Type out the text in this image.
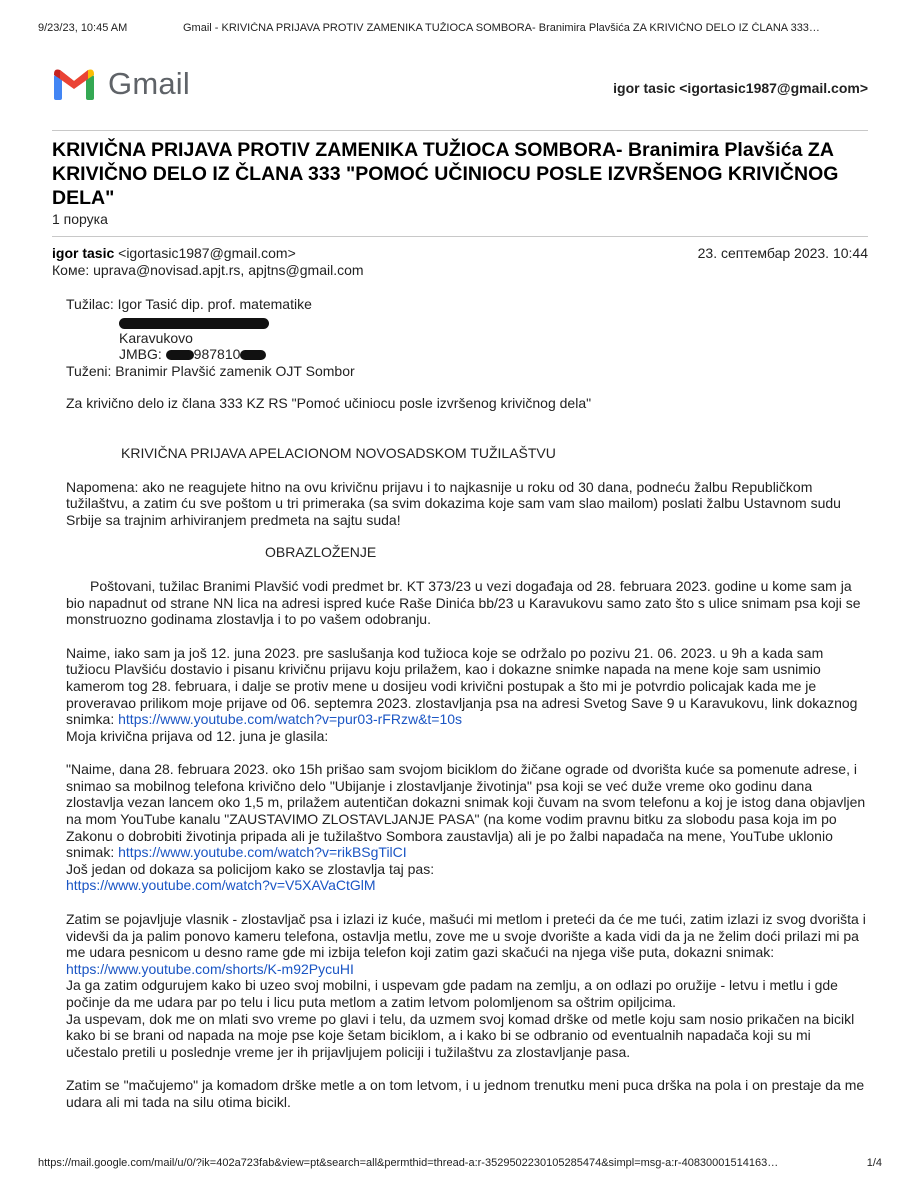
9/23/23, 10:45 AM	Gmail - KRIVIČNA PRIJAVA PROTIV ZAMENIKA TUŽIOCA SOMBORA- Branimira Plavšića ZA KRIVIČNO DELO IZ ČLANA 333…
Gmail	igor tasic <igortasic1987@gmail.com>
KRIVIČNA PRIJAVA PROTIV ZAMENIKA TUŽIOCA SOMBORA- Branimira Plavšića ZA KRIVIČNO DELO IZ ČLANA 333 "POMOĆ UČINIOCU POSLE IZVRŠENOG KRIVIČNOG DELA"
1 порука
igor tasic <igortasic1987@gmail.com>	23. септембар 2023. 10:44
Коме: uprava@novisad.apjt.rs, apjtns@gmail.com

Tužilac: Igor Tasić dip. prof. matematike

Karavukovo

JMBG: 987810

Tuženi: Branimir Plavšić zamenik OJT Sombor

Za krivično delo iz člana 333 KZ RS "Pomoć učiniocu posle izvršenog krivičnog dela"

KRIVIČNA PRIJAVA APELACIONOM NOVOSADSKOM TUŽILAŠTVU

Napomena: ako ne reagujete hitno na ovu krivičnu prijavu i to najkasnije u roku od 30 dana, podneću žalbu Republičkom tužilaštvu, a zatim ću sve poštom u tri primeraka (sa svim dokazima koje sam vam slao mailom) poslati žalbu Ustavnom sudu Srbije sa trajnim arhiviranjem predmeta na sajtu suda!

OBRAZLOŽENJE

Poštovani, tužilac Branimi Plavšić vodi predmet br. KT 373/23 u vezi događaja od 28. februara 2023. godine u kome sam ja bio napadnut od strane NN lica na adresi ispred kuće Raše Dinića bb/23 u Karavukovu samo zato što s ulice snimam psa koji se monstruozno godinama zlostavlja i to po vašem odobranju.

Naime, iako sam ja još 12. juna 2023. pre saslušanja kod tužioca koje se održalo po pozivu 21. 06. 2023. u 9h a kada sam tužiocu Plavšiću dostavio i pisanu krivičnu prijavu koju prilažem, kao i dokazne snimke napada na mene koje sam usnimio kamerom tog 28. februara, i dalje se protiv mene u dosijeu vodi krivični postupak a što mi je potvrdio policajak kada me je proveravao prilikom moje prijave od 06. septemra 2023. zlostavljanja psa na adresi Svetog Save 9 u Karavukovu, link dokaznog snimka: https://www.youtube.com/watch?v=pur03-rFRzw&t=10s

Moja krivična prijava od 12. juna je glasila:

"Naime, dana 28. februara 2023. oko 15h prišao sam svojom biciklom do žičane ograde od dvorišta kuće sa pomenute adrese, i snimao sa mobilnog telefona krivično delo "Ubijanje i zlostavljanje životinja" psa koji se već duže vreme oko godinu dana zlostavlja vezan lancem oko 1,5 m, prilažem autentičan dokazni snimak koji čuvam na svom telefonu a koj je istog dana objavljen na mom YouTube kanalu "ZAUSTAVIMO ZLOSTAVLJANJE PASA" (na kome vodim pravnu bitku za slobodu pasa koja im po Zakonu o dobrobiti životinja pripada ali je tužilaštvo Sombora zaustavlja) ali je po žalbi napadača na mene, YouTube uklonio snimak: https://www.youtube.com/watch?v=rikBSgTilCI

Još jedan od dokaza sa policijom kako se zlostavlja taj pas:

https://www.youtube.com/watch?v=V5XAVaCtGlM

Zatim se pojavljuje vlasnik - zlostavljač psa i izlazi iz kuće, mašući mi metlom i preteći da će me tući, zatim izlazi iz svog dvorišta i videvši da ja palim ponovo kameru telefona, ostavlja metlu, zove me u svoje dvorište a kada vidi da ja ne želim doći prilazi mi pa me udara pesnicom u desno rame gde mi izbija telefon koji zatim gazi skačući na njega više puta, dokazni snimak:

https://www.youtube.com/shorts/K-m92PycuHI

Ja ga zatim odgurujem kako bi uzeo svoj mobilni, i uspevam gde padam na zemlju, a on odlazi po oružije - letvu i metlu i gde počinje da me udara par po telu i licu puta metlom a zatim letvom polomljenom sa oštrim opiljcima.

Ja uspevam, dok me on mlati svo vreme po glavi i telu, da uzmem svoj komad drške od metle koju sam nosio prikačen na bicikl kako bi se brani od napada na moje pse koje šetam biciklom, a i kako bi se odbranio od eventualnih napadača koji su mi učestalo pretili u poslednje vreme jer ih prijavljujem policiji i tužilaštvu za zlostavljanje pasa.

Zatim se "mačujemo" ja komadom drške metle a on tom letvom, i u jednom trenutku meni puca drška na pola i on prestaje da me udara ali mi tada na silu otima bicikl.

https://mail.google.com/mail/u/0/?ik=402a723fab&view=pt&search=all&permthid=thread-a:r-3529502230105285474&simpl=msg-a:r-40830001514163…	1/4
